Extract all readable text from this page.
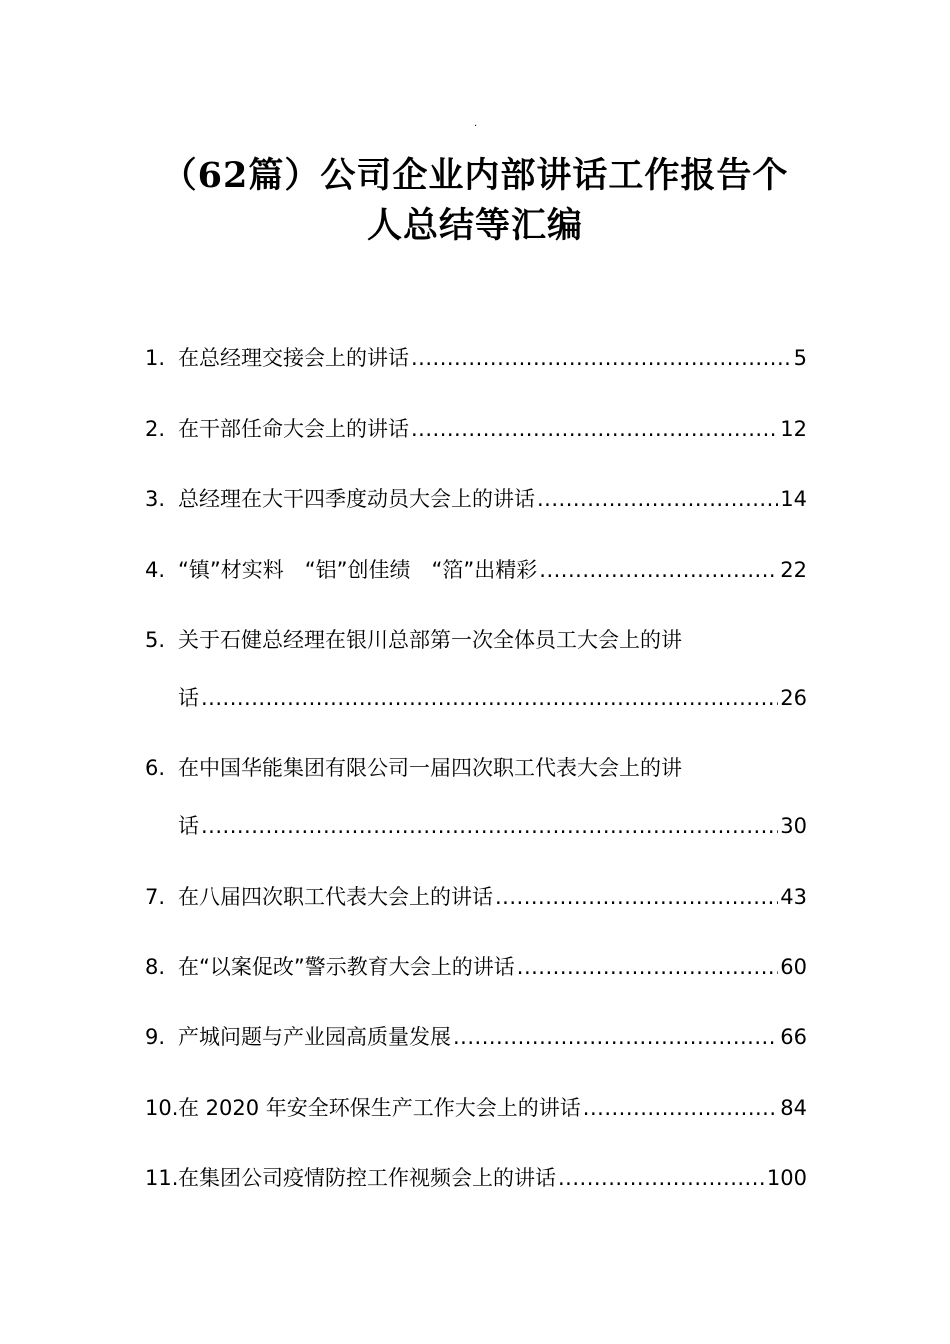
·
（62篇）公司企业内部讲话工作报告个
人总结等汇编
1. 在总经理交接会上的讲话 .....	5
2. 在干部任命大会上的讲话 .....	12
3. 总经理在大干四季度动员大会上的讲话 .....	14
4. “镇”材实料　“铝”创佳绩　“箔”出精彩 .....	22
5. 关于石健总经理在银川总部第一次全体员工大会上的讲
话 .....	26
6. 在中国华能集团有限公司一届四次职工代表大会上的讲
话 .....	30
7. 在八届四次职工代表大会上的讲话 .....	43
8. 在“以案促改”警示教育大会上的讲话 .....	60
9. 产城问题与产业园高质量发展 .....	66
10. 在 2020 年安全环保生产工作大会上的讲话 .....	84
11. 在集团公司疫情防控工作视频会上的讲话 .....	100
